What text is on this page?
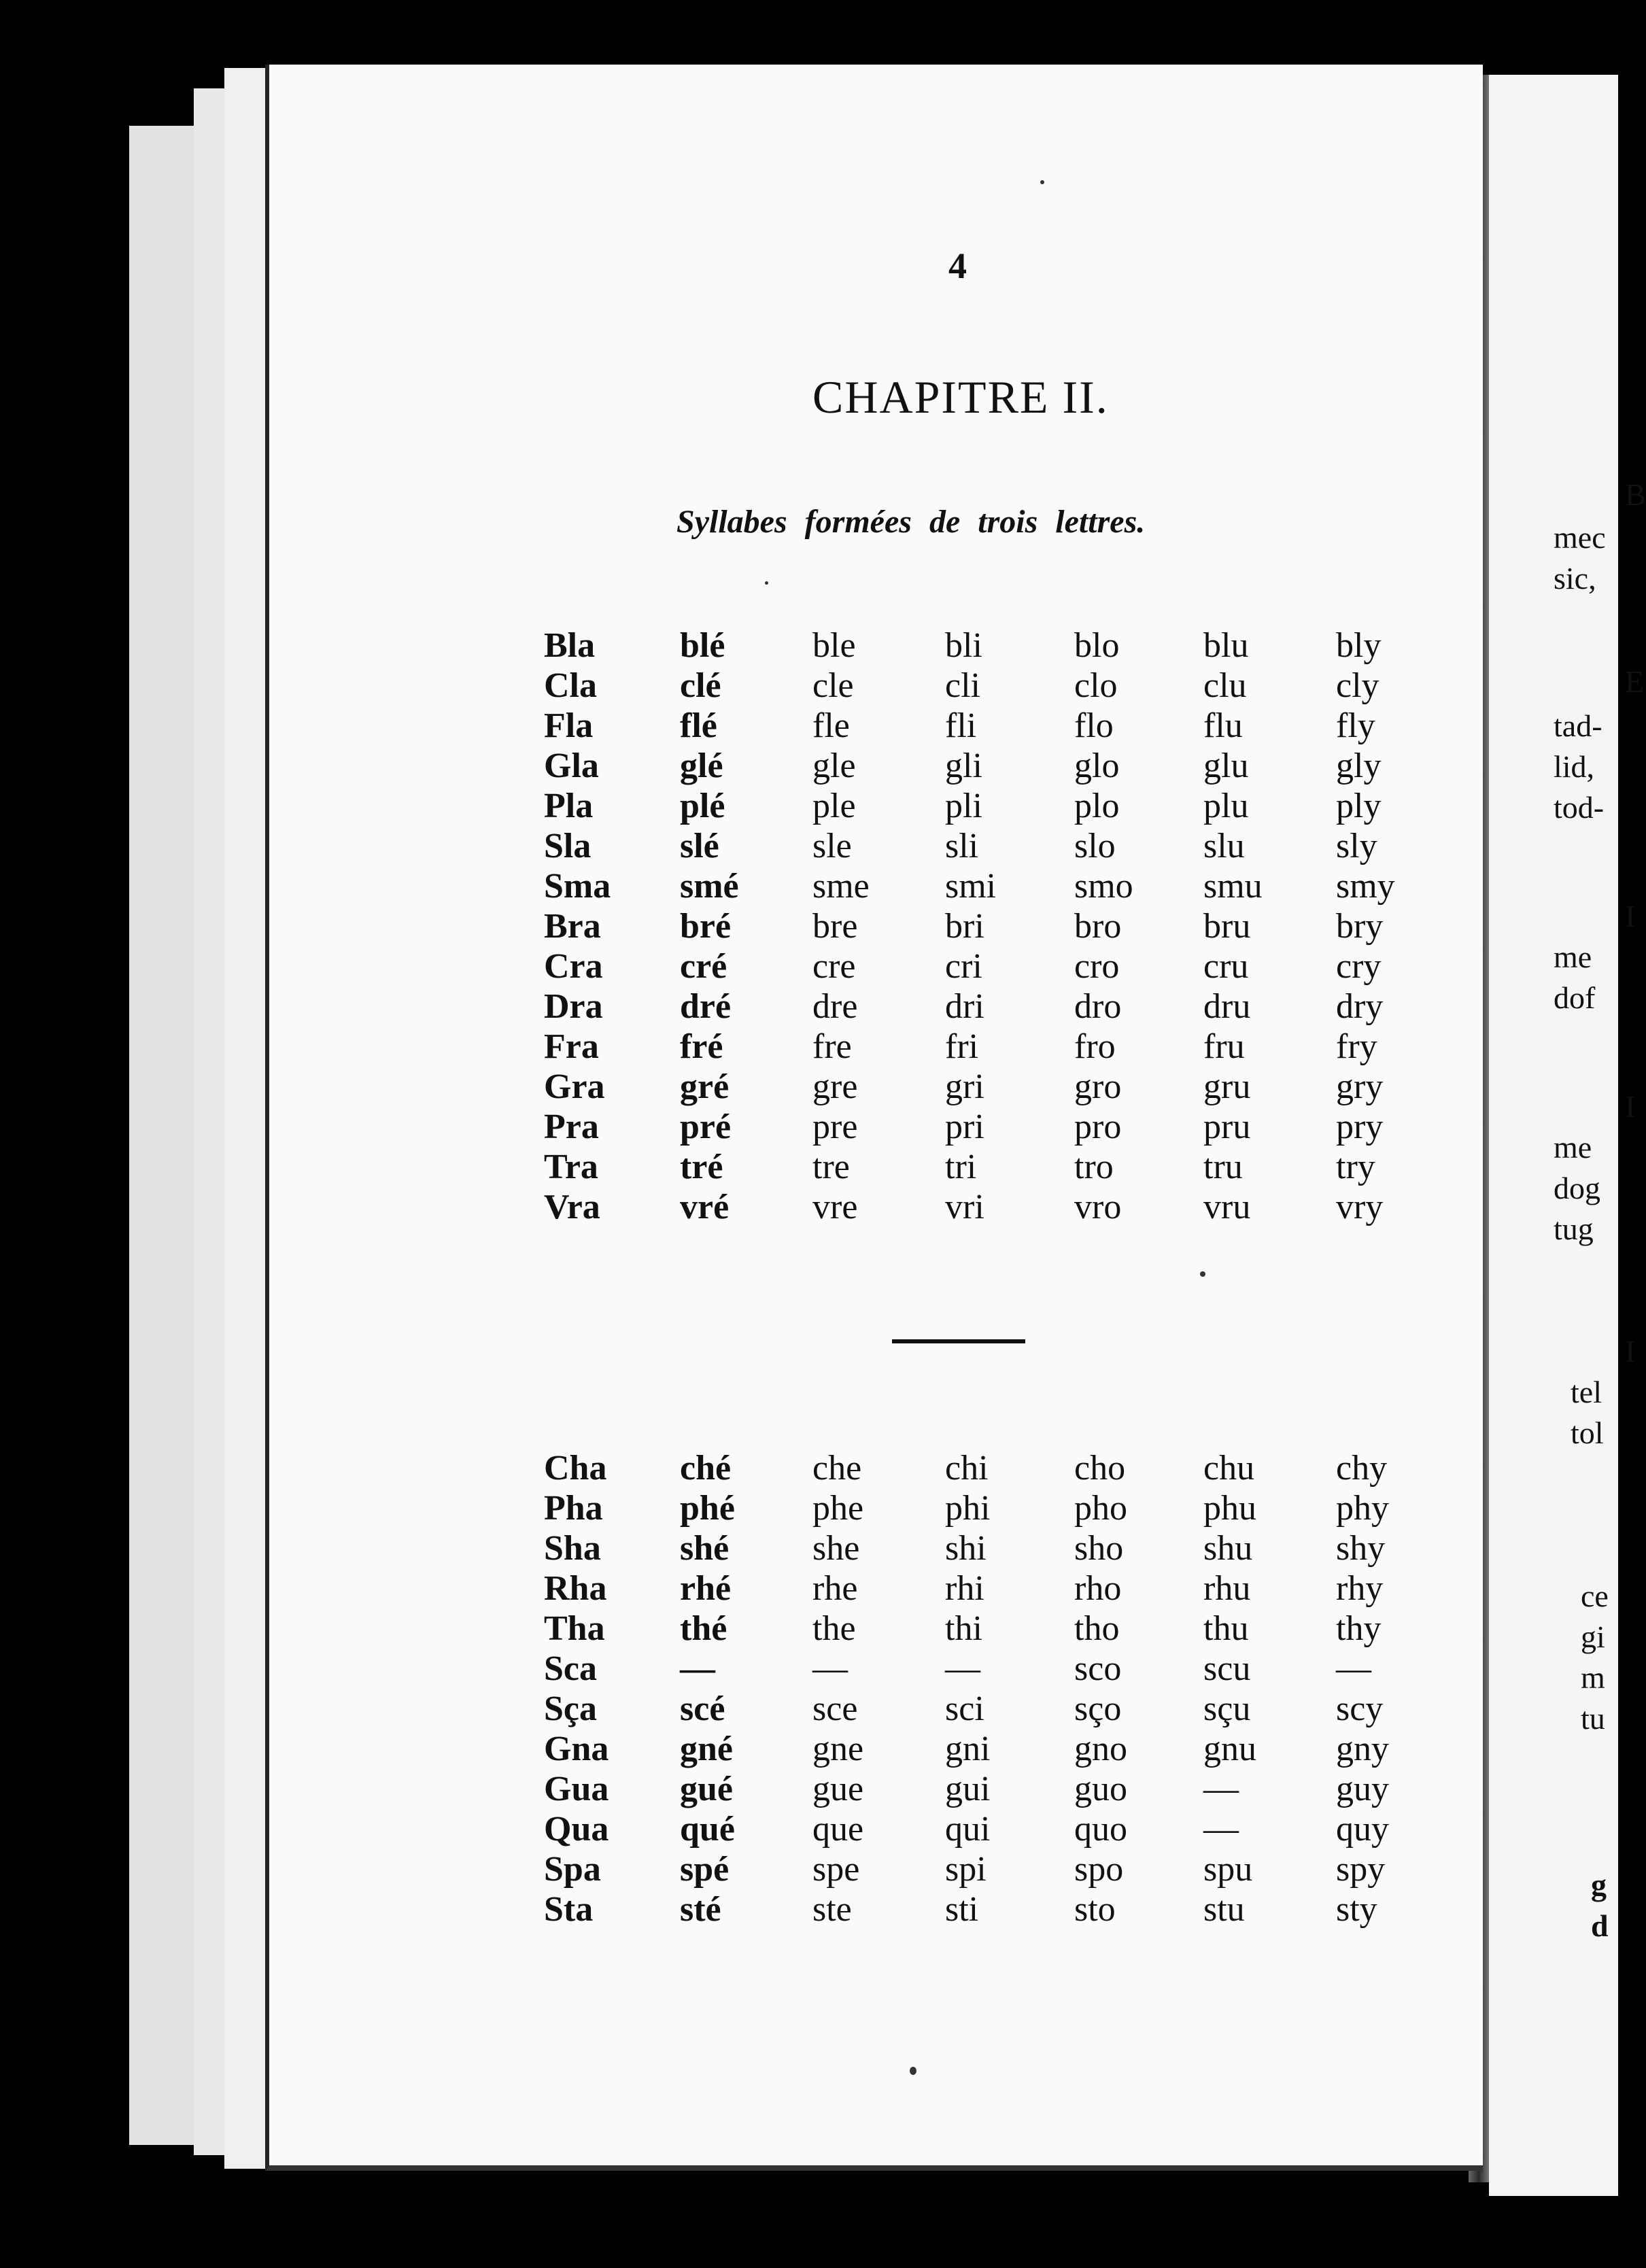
B
mec
sic,
E
tad-
lid,
tod-
I
me
dof
I
me
dog
tug
I
tel
tol
ce
gi
m
tu
g
d
4
CHAPITRE II.
Syllabes formées de trois lettres.
Bla	blé	ble	bli	blo	blu	bly
Cla	clé	cle	cli	clo	clu	cly
Fla	flé	fle	fli	flo	flu	fly
Gla	glé	gle	gli	glo	glu	gly
Pla	plé	ple	pli	plo	plu	ply
Sla	slé	sle	sli	slo	slu	sly
Sma	smé	sme	smi	smo	smu	smy
Bra	bré	bre	bri	bro	bru	bry
Cra	cré	cre	cri	cro	cru	cry
Dra	dré	dre	dri	dro	dru	dry
Fra	fré	fre	fri	fro	fru	fry
Gra	gré	gre	gri	gro	gru	gry
Pra	pré	pre	pri	pro	pru	pry
Tra	tré	tre	tri	tro	tru	try
Vra	vré	vre	vri	vro	vru	vry
Cha	ché	che	chi	cho	chu	chy
Pha	phé	phe	phi	pho	phu	phy
Sha	shé	she	shi	sho	shu	shy
Rha	rhé	rhe	rhi	rho	rhu	rhy
Tha	thé	the	thi	tho	thu	thy
Sca	—	—	—	sco	scu	—
Sça	scé	sce	sci	sço	sçu	scy
Gna	gné	gne	gni	gno	gnu	gny
Gua	gué	gue	gui	guo	—	guy
Qua	qué	que	qui	quo	—	quy
Spa	spé	spe	spi	spo	spu	spy
Sta	sté	ste	sti	sto	stu	sty
